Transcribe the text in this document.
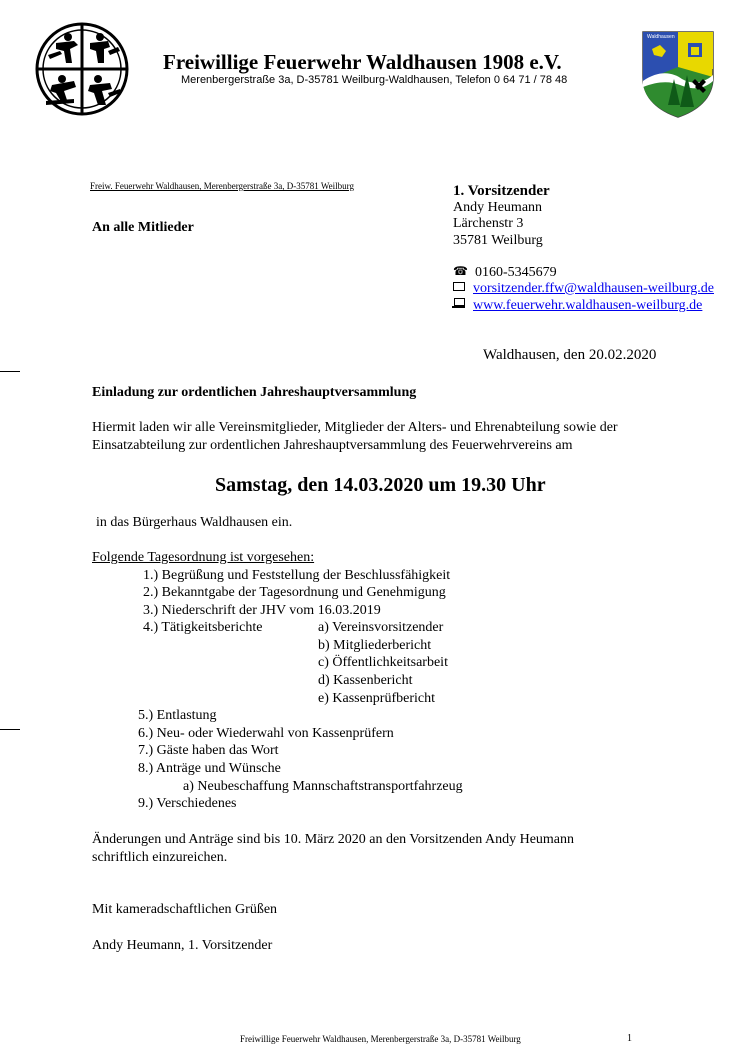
Freiwillige Feuerwehr Waldhausen 1908 e.V.
Merenbergerstraße 3a, D-35781 Weilburg-Waldhausen, Telefon 0 64 71 / 78 48
Waldhausen
Freiw. Feuerwehr Waldhausen, Merenbergerstraße 3a, D-35781 Weilburg
An alle Mitlieder
1. Vorsitzender
Andy Heumann
Lärchenstr 3
35781 Weilburg
☎ 0160-5345679
vorsitzender.ffw@waldhausen-weilburg.de
www.feuerwehr.waldhausen-weilburg.de
Waldhausen, den 20.02.2020
Einladung zur ordentlichen Jahreshauptversammlung
Hiermit laden wir alle Vereinsmitglieder, Mitglieder der Alters- und Ehrenabteilung sowie der
Einsatzabteilung zur ordentlichen Jahreshauptversammlung des Feuerwehrvereins am
Samstag, den 14.03.2020 um 19.30 Uhr
in das Bürgerhaus Waldhausen ein.
Folgende Tagesordnung ist vorgesehen:
1.) Begrüßung und Feststellung der Beschlussfähigkeit
2.) Bekanntgabe der Tagesordnung und Genehmigung
3.) Niederschrift der JHV vom 16.03.2019
4.) Tätigkeitsberichte	a) Vereinsvorsitzender
b) Mitgliederbericht
c) Öffentlichkeitsarbeit
d) Kassenbericht
e) Kassenprüfbericht
5.) Entlastung
6.) Neu- oder Wiederwahl von Kassenprüfern
7.) Gäste haben das Wort
8.) Anträge und Wünsche
a) Neubeschaffung Mannschaftstransportfahrzeug
9.) Verschiedenes
Änderungen und Anträge sind bis 10. März 2020 an den Vorsitzenden Andy Heumann
schriftlich einzureichen.
Mit kameradschaftlichen Grüßen
Andy Heumann, 1. Vorsitzender
Freiwillige Feuerwehr Waldhausen, Merenbergerstraße 3a, D-35781 Weilburg	1
